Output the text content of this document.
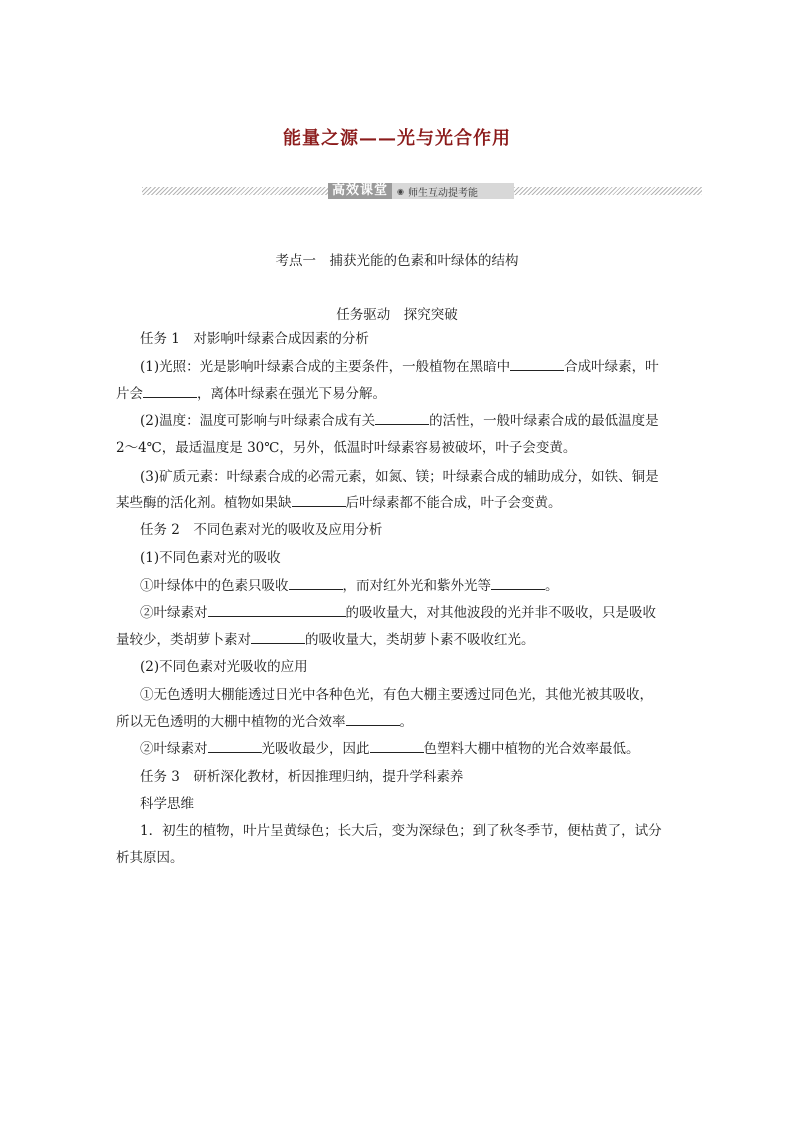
能量之源——光与光合作用
高效课堂	◉ 师生互动提考能
考点一　捕获光能的色素和叶绿体的结构
任务驱动　探究突破
任务 1　对影响叶绿素合成因素的分析
(1)光照：光是影响叶绿素合成的主要条件，一般植物在黑暗中	合成叶绿素，叶
片会	，离体叶绿素在强光下易分解。
(2)温度：温度可影响与叶绿素合成有关	的活性，一般叶绿素合成的最低温度是
2～4℃，最适温度是 30℃，另外，低温时叶绿素容易被破坏，叶子会变黄。
(3)矿质元素：叶绿素合成的必需元素，如氮、镁；叶绿素合成的辅助成分，如铁、铜是
某些酶的活化剂。植物如果缺	后叶绿素都不能合成，叶子会变黄。
任务 2　不同色素对光的吸收及应用分析
(1)不同色素对光的吸收
①叶绿体中的色素只吸收	，而对红外光和紫外光等	。
②叶绿素对	的吸收量大，对其他波段的光并非不吸收，只是吸收
量较少，类胡萝卜素对	的吸收量大，类胡萝卜素不吸收红光。
(2)不同色素对光吸收的应用
①无色透明大棚能透过日光中各种色光，有色大棚主要透过同色光，其他光被其吸收，
所以无色透明的大棚中植物的光合效率	。
②叶绿素对	光吸收最少，因此	色塑料大棚中植物的光合效率最低。
任务 3　研析深化教材，析因推理归纳，提升学科素养
科学思维
1．初生的植物，叶片呈黄绿色；长大后，变为深绿色；到了秋冬季节，便枯黄了，试分
析其原因。
